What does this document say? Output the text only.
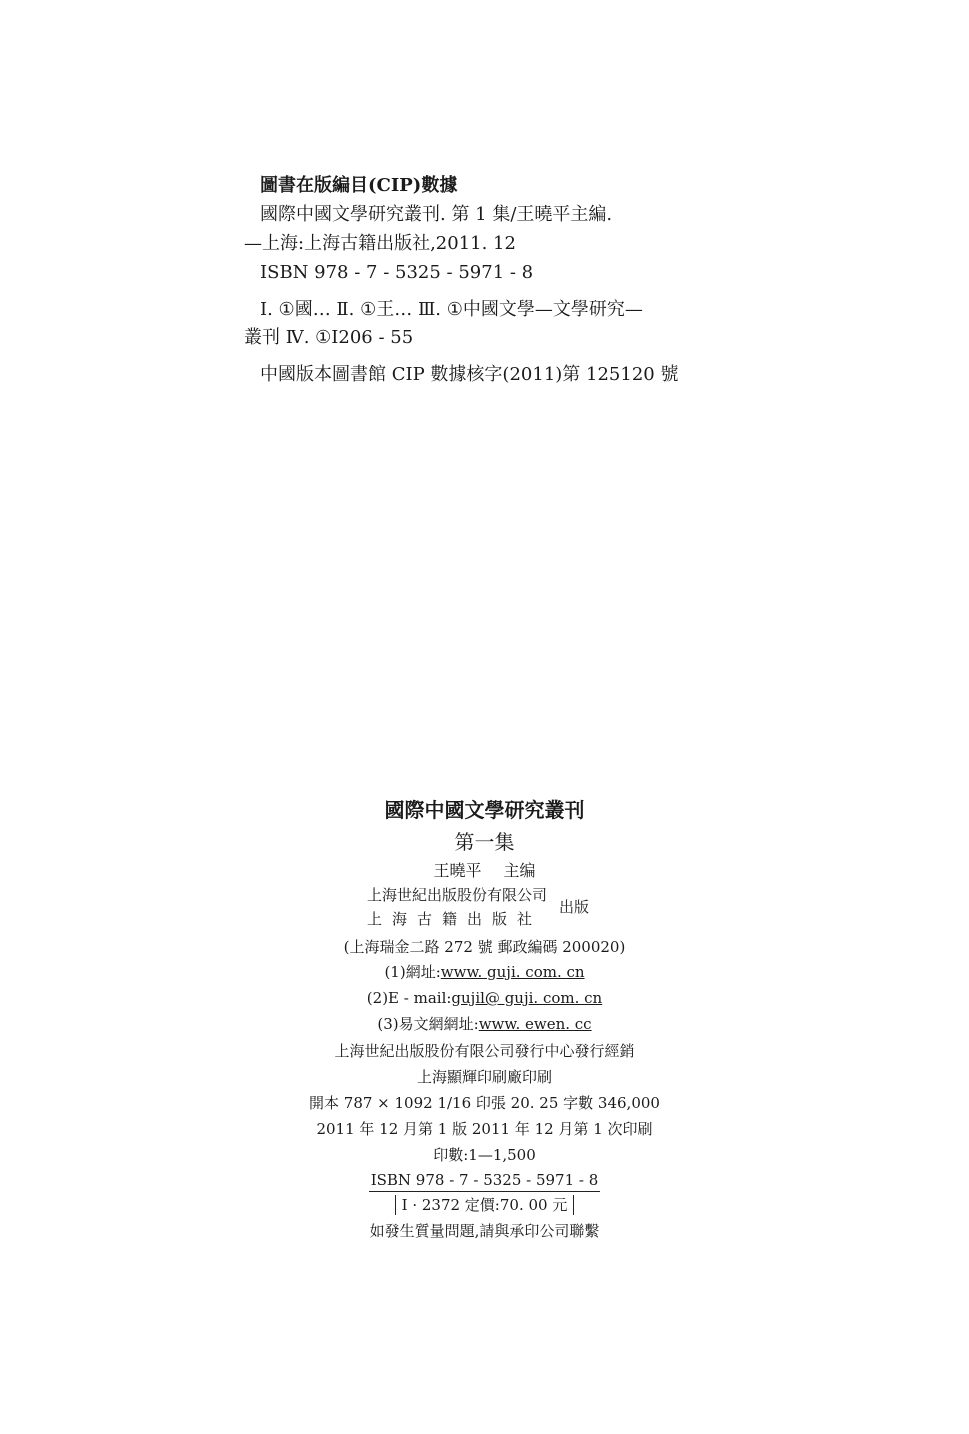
圖書在版編目(CIP)數據
國際中國文學研究叢刊. 第 1 集/王曉平主編.
—上海:上海古籍出版社,2011. 12
ISBN 978 - 7 - 5325 - 5971 - 8
Ⅰ. ①國… Ⅱ. ①王… Ⅲ. ①中國文學—文學研究—
叢刊 Ⅳ. ①I206 - 55
中國版本圖書館 CIP 數據核字(2011)第 125120 號
國際中國文學研究叢刊
第一集
王曉平 主编
上海世紀出版股份有限公司
上海古籍出版社
出版
(上海瑞金二路 272 號 郵政編碼 200020)
(1)網址:www. guji. com. cn
(2)E - mail:gujil@ guji. com. cn
(3)易文網網址:www. ewen. cc
上海世紀出版股份有限公司發行中心發行經銷
上海顯輝印刷廠印刷
開本 787 × 1092 1/16 印張 20. 25 字數 346,000
2011 年 12 月第 1 版 2011 年 12 月第 1 次印刷
印數:1—1,500
ISBN 978 - 7 - 5325 - 5971 - 8
I · 2372 定價:70. 00 元
如發生質量問題,請與承印公司聯繫
